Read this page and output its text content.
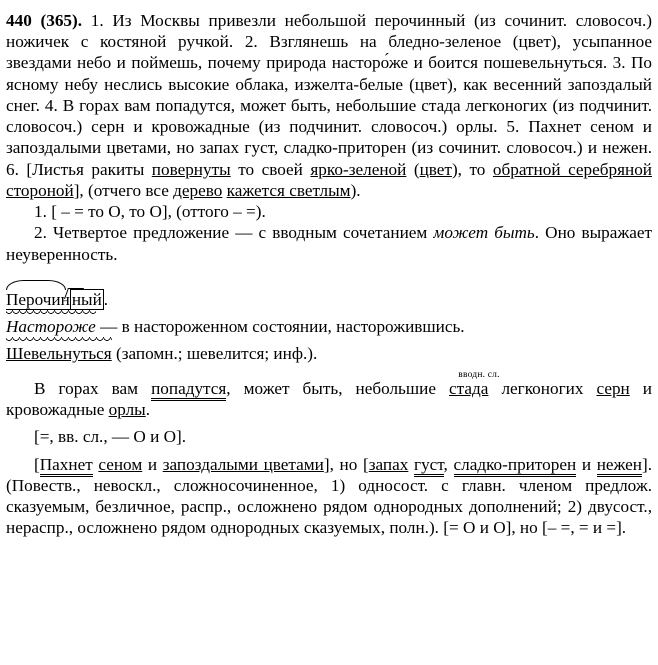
440 (365). 1. Из Москвы привезли небольшой перочинный (из сочинит. словосоч.) ножичек с костяной ручкой. 2. Взглянешь на бледно-зеленое (цвет), усыпанное звездами небо и поймешь, почему природа насторо́же и боится пошевельнуться. 3. По ясному небу неслись высокие облака, изжелта-белые (цвет), как весенний запоздалый снег. 4. В горах вам попадутся, может быть, небольшие стада легконогих (из подчинит. словосоч.) серн и кровожадные (из подчинит. словосоч.) орлы. 5. Пахнет сеном и запоздалыми цветами, но запах густ, сладко-приторен (из сочинит. словосоч.) и нежен. 6. [Листья ракиты повернуты то своей ярко-зеленой (цвет), то обратной серебряной стороной], (отчего все дерево кажется светлым).

1. [ – = то О, то О], (оттого – =).

2. Четвертое предложение — с вводным сочетанием может быть. Оно выражает неуверенность.

Перочин ный .

Настороже — в настороженном состоянии, насторожившись.

Шевельнуться (запомн.; шевелится; инф.).

вводн. сл.

В горах вам попадутся, может быть, небольшие стада легконогих серн и кровожадные орлы.

[=, вв. сл., — О и О].

[Пахнет сеном и запоздалыми цветами], но [запах густ, сладко-приторен и нежен]. (Повеств., невоскл., сложносочиненное, 1) односост. с главн. членом предлож. сказуемым, безличное, распр., осложнено рядом однородных дополнений; 2) двусост., нераспр., осложнено рядом однородных сказуемых, полн.). [= О и О], но [– =, = и =].
